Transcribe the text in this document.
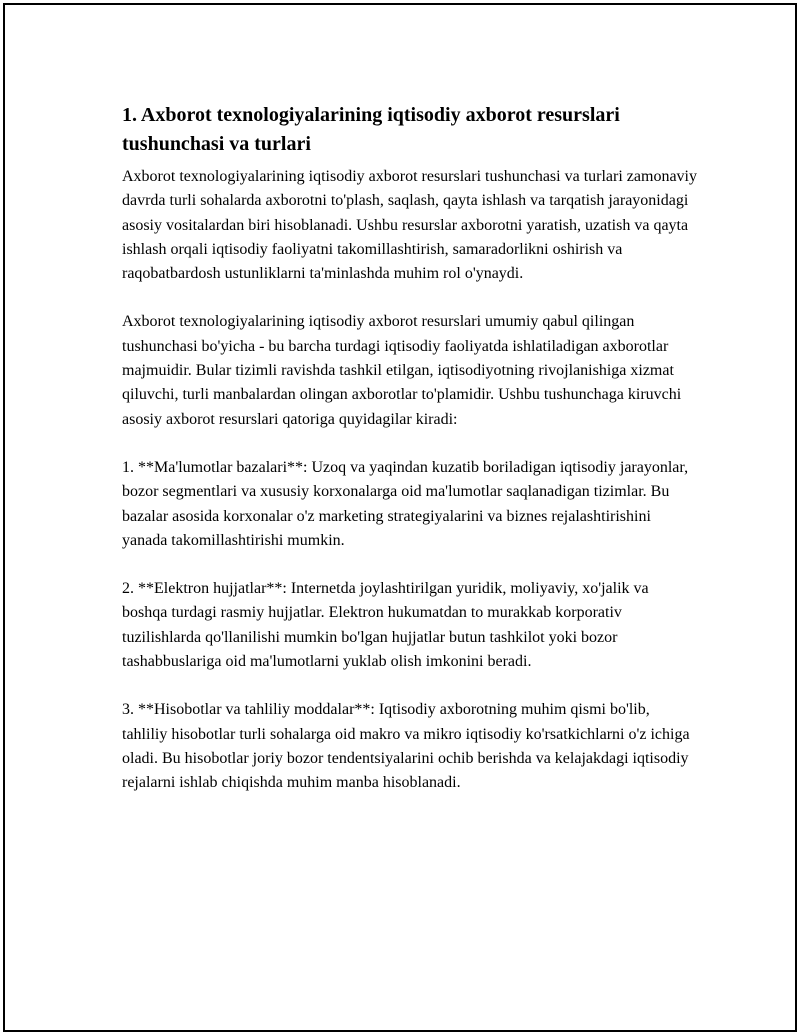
1. Axborot texnologiyalarining iqtisodiy axborot resurslari tushunchasi va turlari

Axborot texnologiyalarining iqtisodiy axborot resurslari tushunchasi va turlari zamonaviy davrda turli sohalarda axborotni to'plash, saqlash, qayta ishlash va tarqatish jarayonidagi asosiy vositalardan biri hisoblanadi. Ushbu resurslar axborotni yaratish, uzatish va qayta ishlash orqali iqtisodiy faoliyatni takomillashtirish, samaradorlikni oshirish va raqobatbardosh ustunliklarni ta'minlashda muhim rol o'ynaydi.

Axborot texnologiyalarining iqtisodiy axborot resurslari umumiy qabul qilingan tushunchasi bo'yicha - bu barcha turdagi iqtisodiy faoliyatda ishlatiladigan axborotlar majmuidir. Bular tizimli ravishda tashkil etilgan, iqtisodiyotning rivojlanishiga xizmat qiluvchi, turli manbalardan olingan axborotlar to'plamidir. Ushbu tushunchaga kiruvchi asosiy axborot resurslari qatoriga quyidagilar kiradi:

1. **Ma'lumotlar bazalari**: Uzoq va yaqindan kuzatib boriladigan iqtisodiy jarayonlar, bozor segmentlari va xususiy korxonalarga oid ma'lumotlar saqlanadigan tizimlar. Bu bazalar asosida korxonalar o'z marketing strategiyalarini va biznes rejalashtirishini yanada takomillashtirishi mumkin.

2. **Elektron hujjatlar**: Internetda joylashtirilgan yuridik, moliyaviy, xo'jalik va boshqa turdagi rasmiy hujjatlar. Elektron hukumatdan to murakkab korporativ tuzilishlarda qo'llanilishi mumkin bo'lgan hujjatlar butun tashkilot yoki bozor tashabbuslariga oid ma'lumotlarni yuklab olish imkonini beradi.

3. **Hisobotlar va tahliliy moddalar**: Iqtisodiy axborotning muhim qismi bo'lib, tahliliy hisobotlar turli sohalarga oid makro va mikro iqtisodiy ko'rsatkichlarni o'z ichiga oladi. Bu hisobotlar joriy bozor tendentsiyalarini ochib berishda va kelajakdagi iqtisodiy rejalarni ishlab chiqishda muhim manba hisoblanadi.
